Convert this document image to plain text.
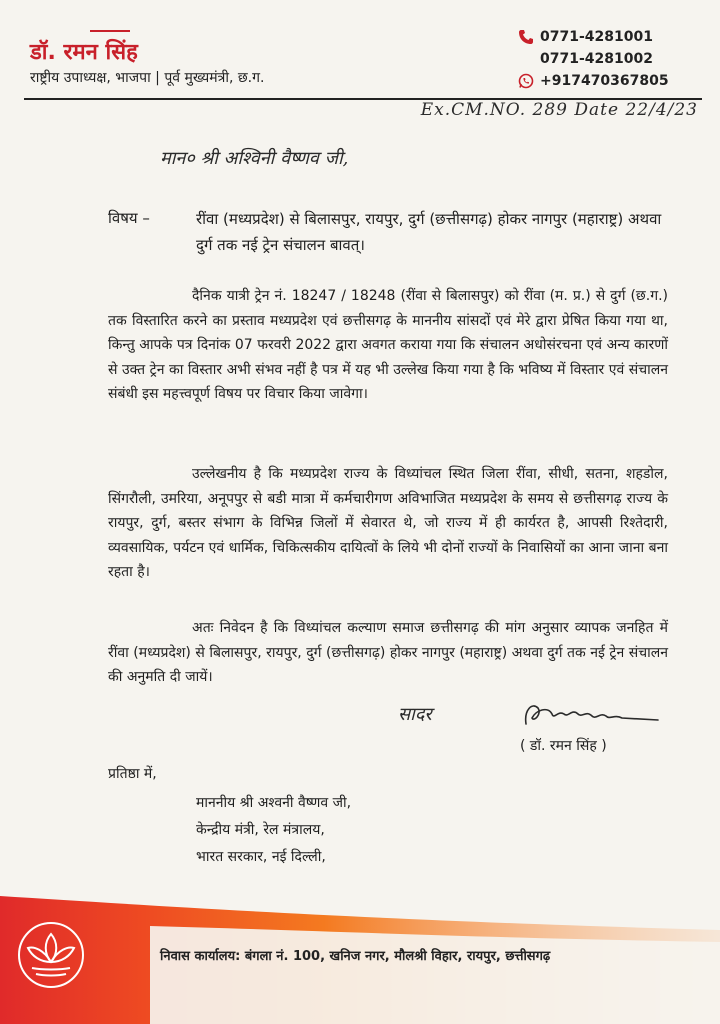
डॉ. रमन सिंह
राष्ट्रीय उपाध्यक्ष, भाजपा | पूर्व मुख्यमंत्री, छ.ग.
0771-4281001
0771-4281002
+917470367805
Ex.CM.NO. 289 Date 22/4/23
मान० श्री अश्विनी वैष्णव जी,
विषय –	रींवा (मध्यप्रदेश) से बिलासपुर, रायपुर, दुर्ग (छत्तीसगढ़) होकर नागपुर (महाराष्ट्र) अथवा दुर्ग तक नई ट्रेन संचालन बावत्।

दैनिक यात्री ट्रेन नं. 18247 / 18248 (रींवा से बिलासपुर) को रींवा (म. प्र.) से दुर्ग (छ.ग.) तक विस्तारित करने का प्रस्ताव मध्यप्रदेश एवं छत्तीसगढ़ के माननीय सांसदों एवं मेरे द्वारा प्रेषित किया गया था, किन्तु आपके पत्र दिनांक 07 फरवरी 2022 द्वारा अवगत कराया गया कि संचालन अधोसंरचना एवं अन्य कारणों से उक्त ट्रेन का विस्तार अभी संभव नहीं है पत्र में यह भी उल्लेख किया गया है कि भविष्य में विस्तार एवं संचालन संबंधी इस महत्त्वपूर्ण विषय पर विचार किया जावेगा।

उल्लेखनीय है कि मध्यप्रदेश राज्य के विध्यांचल स्थित जिला रींवा, सीधी, सतना, शहडोल, सिंगरौली, उमरिया, अनूपपुर से बडी मात्रा में कर्मचारीगण अविभाजित मध्यप्रदेश के समय से छत्तीसगढ़ राज्य के रायपुर, दुर्ग, बस्तर संभाग के विभिन्न जिलों में सेवारत थे, जो राज्य में ही कार्यरत है, आपसी रिश्तेदारी, व्यवसायिक, पर्यटन एवं धार्मिक, चिकित्सकीय दायित्वों के लिये भी दोनों राज्यों के निवासियों का आना जाना बना रहता है।

अतः निवेदन है कि विध्यांचल कल्याण समाज छत्तीसगढ़ की मांग अनुसार व्यापक जनहित में रींवा (मध्यप्रदेश) से बिलासपुर, रायपुर, दुर्ग (छत्तीसगढ़) होकर नागपुर (महाराष्ट्र) अथवा दुर्ग तक नई ट्रेन संचालन की अनुमति दी जायें।

सादर
( डॉ. रमन सिंह )
प्रतिष्ठा में,
माननीय श्री अश्वनी वैष्णव जी,
केन्द्रीय मंत्री, रेल मंत्रालय,
भारत सरकार, नई दिल्ली,
निवास कार्यालय: बंगला नं. 100, खनिज नगर, मौलश्री विहार, रायपुर, छत्तीसगढ़
